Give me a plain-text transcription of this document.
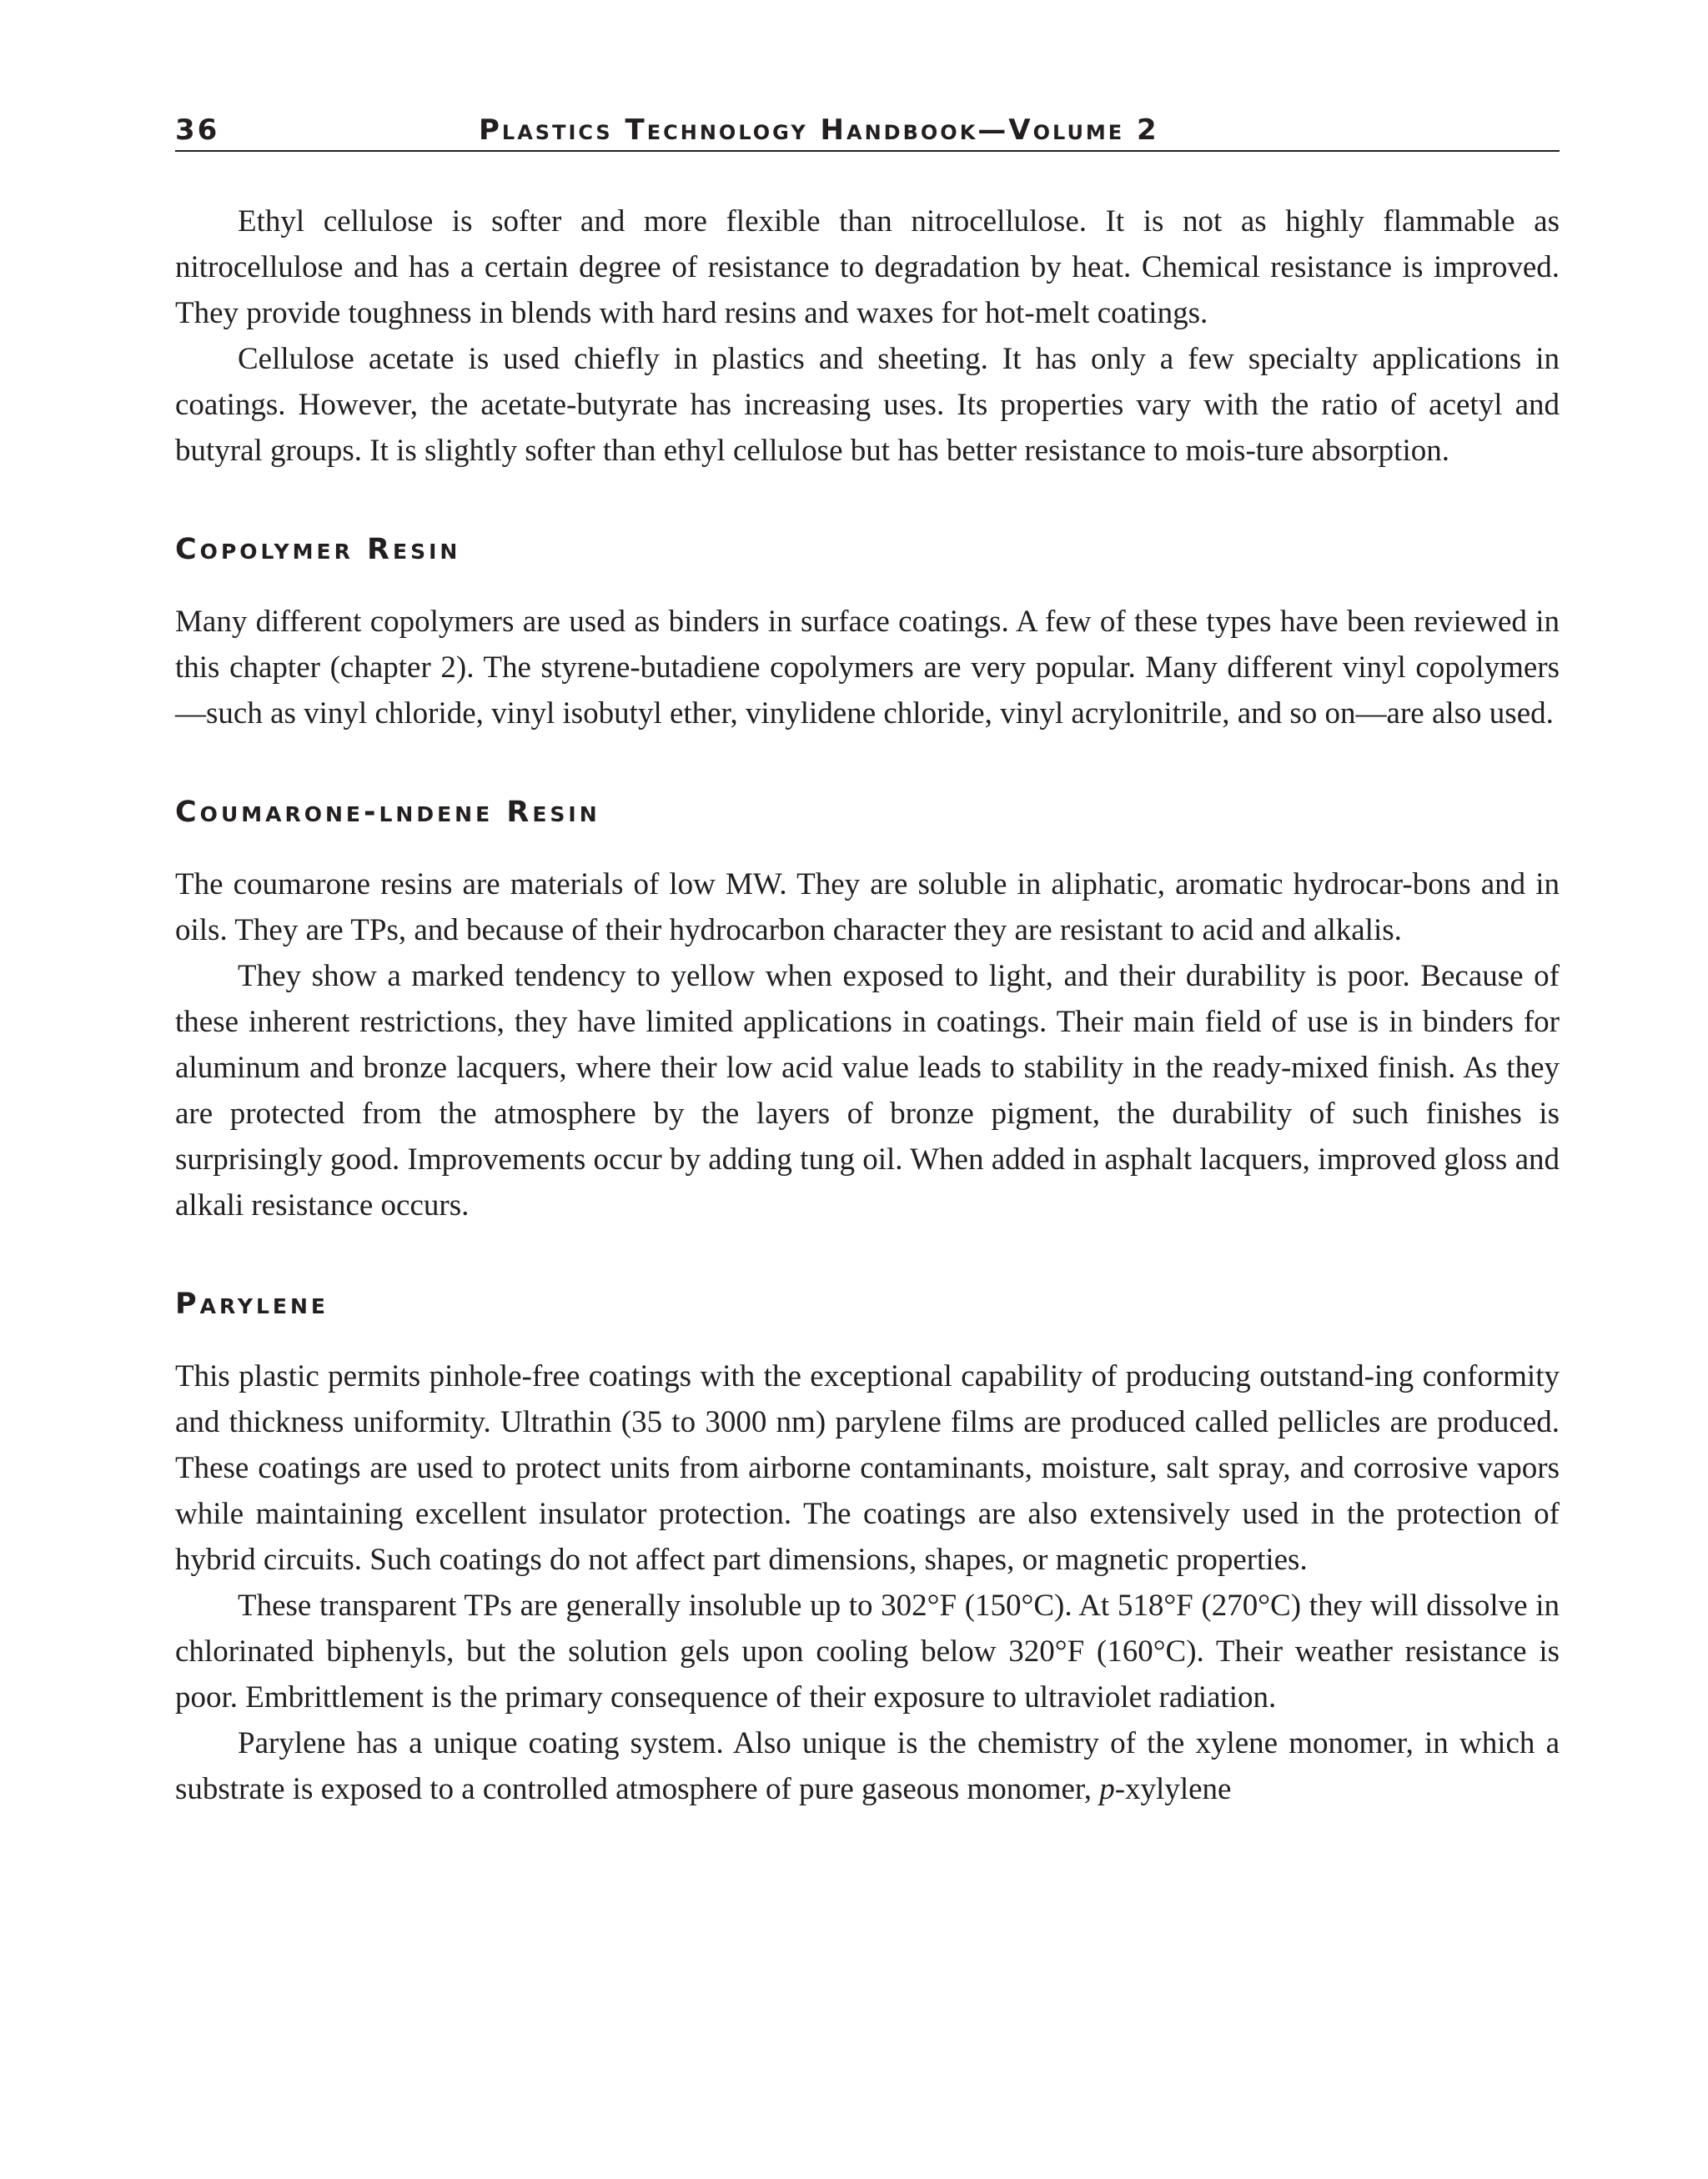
36	Plastics Technology Handbook—Volume 2

Ethyl cellulose is softer and more flexible than nitrocellulose. It is not as highly flammable as nitrocellulose and has a certain degree of resistance to degradation by heat. Chemical resistance is improved. They provide toughness in blends with hard resins and waxes for hot-melt coatings.

Cellulose acetate is used chiefly in plastics and sheeting. It has only a few specialty applications in coatings. However, the acetate-butyrate has increasing uses. Its properties vary with the ratio of acetyl and butyral groups. It is slightly softer than ethyl cellulose but has better resistance to mois-ture absorption.

Copolymer Resin

Many different copolymers are used as binders in surface coatings. A few of these types have been reviewed in this chapter (chapter 2). The styrene-butadiene copolymers are very popular. Many different vinyl copolymers—such as vinyl chloride, vinyl isobutyl ether, vinylidene chloride, vinyl acrylonitrile, and so on—are also used.

Coumarone-lndene Resin

The coumarone resins are materials of low MW. They are soluble in aliphatic, aromatic hydrocar-bons and in oils. They are TPs, and because of their hydrocarbon character they are resistant to acid and alkalis.

They show a marked tendency to yellow when exposed to light, and their durability is poor. Because of these inherent restrictions, they have limited applications in coatings. Their main field of use is in binders for aluminum and bronze lacquers, where their low acid value leads to stability in the ready-mixed finish. As they are protected from the atmosphere by the layers of bronze pigment, the durability of such finishes is surprisingly good. Improvements occur by adding tung oil. When added in asphalt lacquers, improved gloss and alkali resistance occurs.

Parylene

This plastic permits pinhole-free coatings with the exceptional capability of producing outstand-ing conformity and thickness uniformity. Ultrathin (35 to 3000 nm) parylene films are produced called pellicles are produced. These coatings are used to protect units from airborne contaminants, moisture, salt spray, and corrosive vapors while maintaining excellent insulator protection. The coatings are also extensively used in the protection of hybrid circuits. Such coatings do not affect part dimensions, shapes, or magnetic properties.

These transparent TPs are generally insoluble up to 302°F (150°C). At 518°F (270°C) they will dissolve in chlorinated biphenyls, but the solution gels upon cooling below 320°F (160°C). Their weather resistance is poor. Embrittlement is the primary consequence of their exposure to ultraviolet radiation.

Parylene has a unique coating system. Also unique is the chemistry of the xylene monomer, in which a substrate is exposed to a controlled atmosphere of pure gaseous monomer, p-xylylene
